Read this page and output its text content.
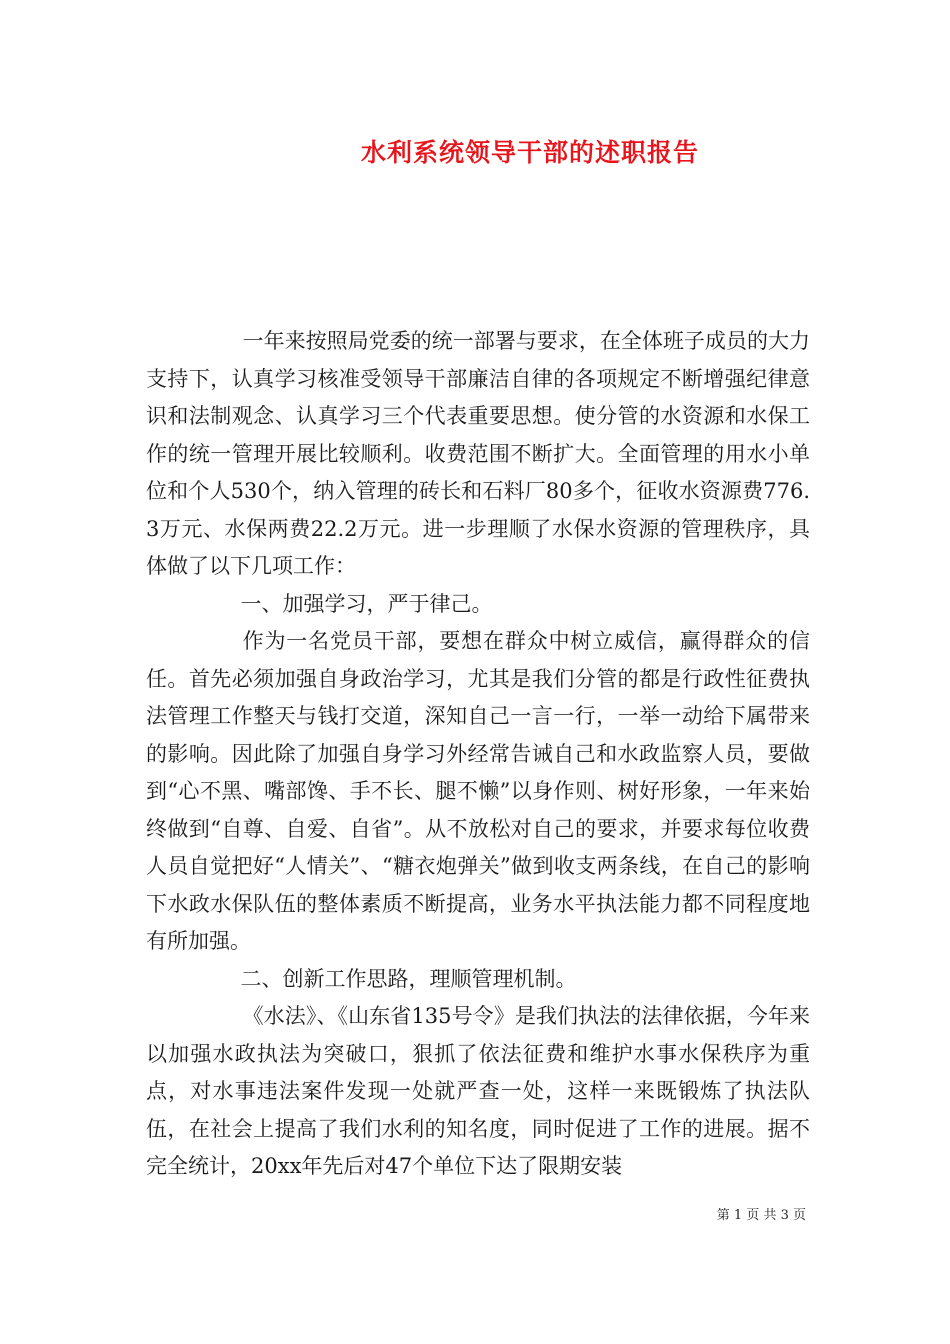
水利系统领导干部的述职报告

一年来按照局党委的统一部署与要求，在全体班子成员的大力支持下，认真学习核准受领导干部廉洁自律的各项规定不断增强纪律意识和法制观念、认真学习三个代表重要思想。使分管的水资源和水保工作的统一管理开展比较顺利。收费范围不断扩大。全面管理的用水小单位和个人530个，纳入管理的砖长和石料厂80多个，征收水资源费776.3万元、水保两费22.2万元。进一步理顺了水保水资源的管理秩序，具体做了以下几项工作：

一、加强学习，严于律己。

作为一名党员干部，要想在群众中树立威信，赢得群众的信任。首先必须加强自身政治学习，尤其是我们分管的都是行政性征费执法管理工作整天与钱打交道，深知自己一言一行，一举一动给下属带来的影响。因此除了加强自身学习外经常告诫自己和水政监察人员，要做到“心不黑、嘴部馋、手不长、腿不懒”以身作则、树好形象，一年来始终做到“自尊、自爱、自省”。从不放松对自己的要求，并要求每位收费人员自觉把好“人情关”、“糖衣炮弹关”做到收支两条线，在自己的影响下水政水保队伍的整体素质不断提高，业务水平执法能力都不同程度地有所加强。

二、创新工作思路，理顺管理机制。

《水法》、《山东省135号令》是我们执法的法律依据，今年来以加强水政执法为突破口，狠抓了依法征费和维护水事水保秩序为重点，对水事违法案件发现一处就严查一处，这样一来既锻炼了执法队伍，在社会上提高了我们水利的知名度，同时促进了工作的进展。据不完全统计，20xx年先后对47个单位下达了限期安装

第 1 页 共 3 页
